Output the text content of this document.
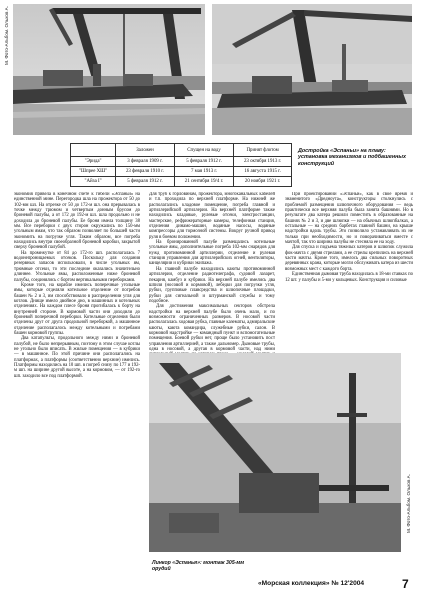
М. Фото-Альбом. Ольхов А.
	Заложен	Спущен на воду	Принят флотом
"Эрида"	3 февраля 1909 г.	5 февраля 1912 г.	23 октября 1913 г.
"Шпрее ХШ"	23 февраля 1910 г.	7 мая 1913 г.	16 августа 1915 г.
"Айза I"	5 февраля 1912 г.	21 сентября 19/4 г.	20 ноября 1921 г.
Достройка «Эспаньи» на плаву: установка механизмов и подбашенных конструкций

экономия привела в конечном счете к гибели «Эспаньи» на единственной мине. Перегородка шла на прожектора от 50 до 102-мм шл. На отрезке от 50 до 172-м шл. она прерывалась в точке между трюмом и четвертым донным брусом до броневой палубы, а от 172 до 192-м шл. шла продольно и не доходила до броневой палубы. Ее броня имела толщину 38 мм. Все переборки с двух сторон окружались по 150-мм угольным ямам, что так образом позволяет по большей части экономить на погрузке угля. Таким образом, все погреба находились внутри своеобразной броневой коробки, закрытой сверху броневой палубой.

На промежутке от 84 до 172-го шп. располагалась 7 водонепроницаемых отсеков. Поскольку для создания резервных запасов использовали, в числе угольных ям, трюмные отсеки, то эти последние оказались значительно длиннее. Угольные ямы, расположенные ниже броневой палубы, соединялись с бортом вертикальными переборками.

Кроме того, на корабле имелись поперечные угольные ямы, которые отделяли котельное отделение от погребов башен № 2 и 3, им способствовало в распределении угля для котлов. Днище имело двойное дно, в машинных и котельных отделениях. На каждом плесе броня прогибалась к борту на внутренней стороне. В кормовой части они доходили до броневой поперечной переборки. Котельные отделения были отделены друг от друга продольной переборкой, а машинное отделение располагалось между котельными и погребами башен кормовой группы.

Два катапульты, продольного между ними и броневой палубой, не было непрерывным, поэтому в этом случае котлы не угольно было вписать. В жилые помещения — в кубрики — в машинное. По этой причине они располагались на платформах, а платформы (соответственно верхние) имелись. Платформы находились на 10 шп. в погреб снизу по 177 и 192-м шп. на ширине другой высоте, а на кормовом, — от 192-го шп. заходило все под платформой.

Для труб к горловинам, прожектора, многоканальных кабелей и т.п. проходила по верхней платформе. На нижней же располагались кладовое помещение, погреба главной и артиллерийской артиллерии. На верхней платформе также находились кладовые, рулевые отсеки, электростанции, мастерские, рефрижераторные камеры, телефонная станция, отделения динамо-машин, водяные насосы, водяные компрессоры для тормозной системы. Вокруг ручной привод руля в боевом положении.

На бронированной палубе размещались котельные угольные ямы, дополнительные погреба 102-мм снарядов для нужд противоминной артиллерии, отделение и рулевая станция управления для артиллерийских огней, вентиляторы, канцелярии и кубрики экипажа.

На главной палубе находились каюты противоминной артиллерии, отделение радиотелеграфа, судовой лазарет, пекарня, камбуз и кубрики. На верхней палубе имелись два шпиля (носовой и кормовой), лебедки для погрузки угля, рубки, групповые плавсредства и шлюпочные площадки, рубки для сигнальной и штурманской службы и тому подобное.

Для достижения максимальных секторов обстрела надстройки на верхней палубе было очень мало, и по возможности ограниченных размеров. В носовой части располагалась ходовая рубка, главные казематы, адмиральские каюты, каюта командира, служебные рубки, салон. В кормовой надстройке — командный пункт и вспомогательные помещения. Боевой рубки нет, проще было установить пост управления артиллерией, а также дальномер. Дымовые трубы, одна в носовой, а другая в кормовой части, над ними

При проектировании «Эспаньи», как в свое время и знаменитого «Дредноута», конструкторы столкнулись с проблемой размещения шлюпочного оборудования — ведь практически все верхняя палуба была занята башнями. Но в результате два катера решили поместить в образованные на башнях № 2 и 3, и две шлюпки — на обычных шлюпбалках, а остальные — на средних барбетах главной башни, на крыше надстройки вдоль трубы. Это позволило устанавливать их не только при необходимости, но и поворачиваться вместе с мачтой, так что ширина палубы не стесняла ее на ходу.

Для спуска и подъема тяжелых катеров и шлюпок служила фок-мачта с двумя стрелами, а ее стрелы крепились на верхней части мачты. Кроме того, имелось два сильных поворотных деревянных крана, которые могли обслуживать катера из шести возможных мест с каждого борта.

Единственная дымовая труба находилась в 18-ми ставках по 12 шт. у палубы и 5-ми у кольцевых. Конструкция и силовые

М. Фото-Альбом. Ольхов А.
Линкор «Эспанья»: монтаж 305-мм орудий
«Морская коллекция» № 12'2004	7
